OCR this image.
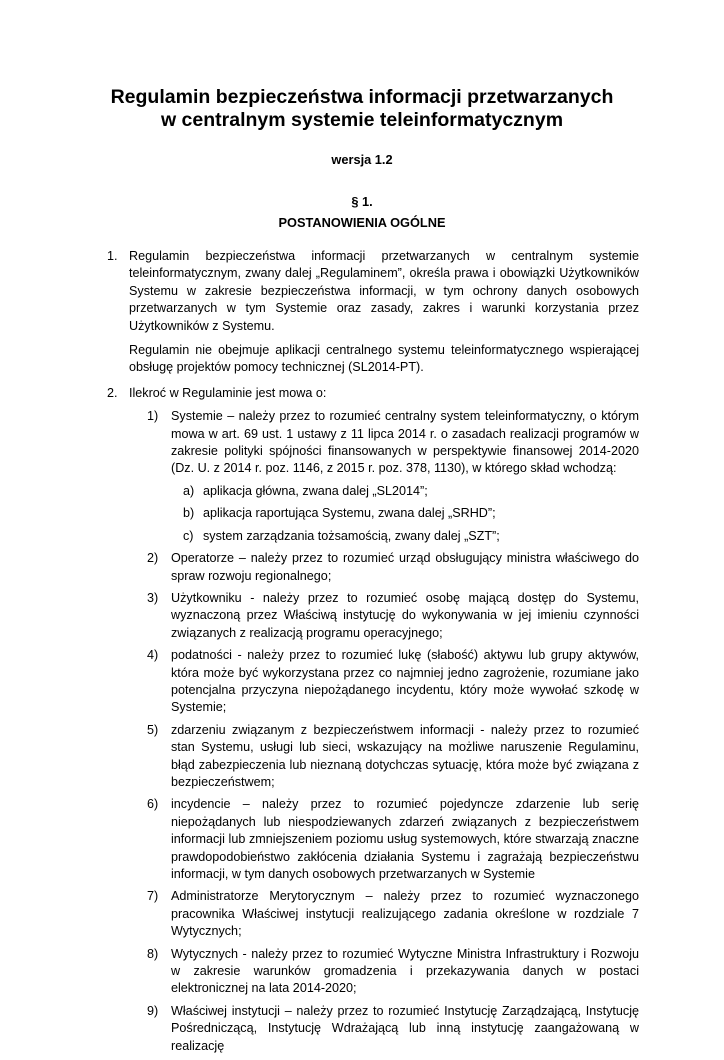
Regulamin bezpieczeństwa informacji przetwarzanych
w centralnym systemie teleinformatycznym
wersja 1.2
§ 1.
POSTANOWIENIA OGÓLNE
1. Regulamin bezpieczeństwa informacji przetwarzanych w centralnym systemie teleinformatycznym, zwany dalej „Regulaminem”, określa prawa i obowiązki Użytkowników Systemu w zakresie bezpieczeństwa informacji, w tym ochrony danych osobowych przetwarzanych w tym Systemie oraz zasady, zakres i warunki korzystania przez Użytkowników z Systemu.

Regulamin nie obejmuje aplikacji centralnego systemu teleinformatycznego wspierającej obsługę projektów pomocy technicznej (SL2014-PT).

2. Ilekroć w Regulaminie jest mowa o:
1) Systemie – należy przez to rozumieć centralny system teleinformatyczny, o którym mowa w art. 69 ust. 1 ustawy z 11 lipca 2014 r. o zasadach realizacji programów w zakresie polityki spójności finansowanych w perspektywie finansowej 2014-2020 (Dz. U. z 2014 r. poz. 1146, z 2015 r. poz. 378, 1130), w którego skład wchodzą:
a) aplikacja główna, zwana dalej „SL2014”;
b) aplikacja raportująca Systemu, zwana dalej „SRHD”;
c) system zarządzania tożsamością, zwany dalej „SZT”;
2) Operatorze – należy przez to rozumieć urząd obsługujący ministra właściwego do spraw rozwoju regionalnego;
3) Użytkowniku - należy przez to rozumieć osobę mającą dostęp do Systemu, wyznaczoną przez Właściwą instytucję do wykonywania w jej imieniu czynności związanych z realizacją programu operacyjnego;
4) podatności - należy przez to rozumieć lukę (słabość) aktywu lub grupy aktywów, która może być wykorzystana przez co najmniej jedno zagrożenie, rozumiane jako potencjalna przyczyna niepożądanego incydentu, który może wywołać szkodę w Systemie;
5) zdarzeniu związanym z bezpieczeństwem informacji - należy przez to rozumieć stan Systemu, usługi lub sieci, wskazujący na możliwe naruszenie Regulaminu, błąd zabezpieczenia lub nieznaną dotychczas sytuację, która może być związana z bezpieczeństwem;
6) incydencie – należy przez to rozumieć pojedyncze zdarzenie lub serię niepożądanych lub niespodziewanych zdarzeń związanych z bezpieczeństwem informacji lub zmniejszeniem poziomu usług systemowych, które stwarzają znaczne prawdopodobieństwo zakłócenia działania Systemu i zagrażają bezpieczeństwu informacji, w tym danych osobowych przetwarzanych w Systemie
7) Administratorze Merytorycznym – należy przez to rozumieć wyznaczonego pracownika Właściwej instytucji realizującego zadania określone w rozdziale 7 Wytycznych;
8) Wytycznych - należy przez to rozumieć Wytyczne Ministra Infrastruktury i Rozwoju w zakresie warunków gromadzenia i przekazywania danych w postaci elektronicznej na lata 2014-2020;
9) Właściwej instytucji – należy przez to rozumieć Instytucję Zarządzającą, Instytucję Pośredniczącą, Instytucję Wdrażającą lub inną instytucję zaangażowaną w realizację
